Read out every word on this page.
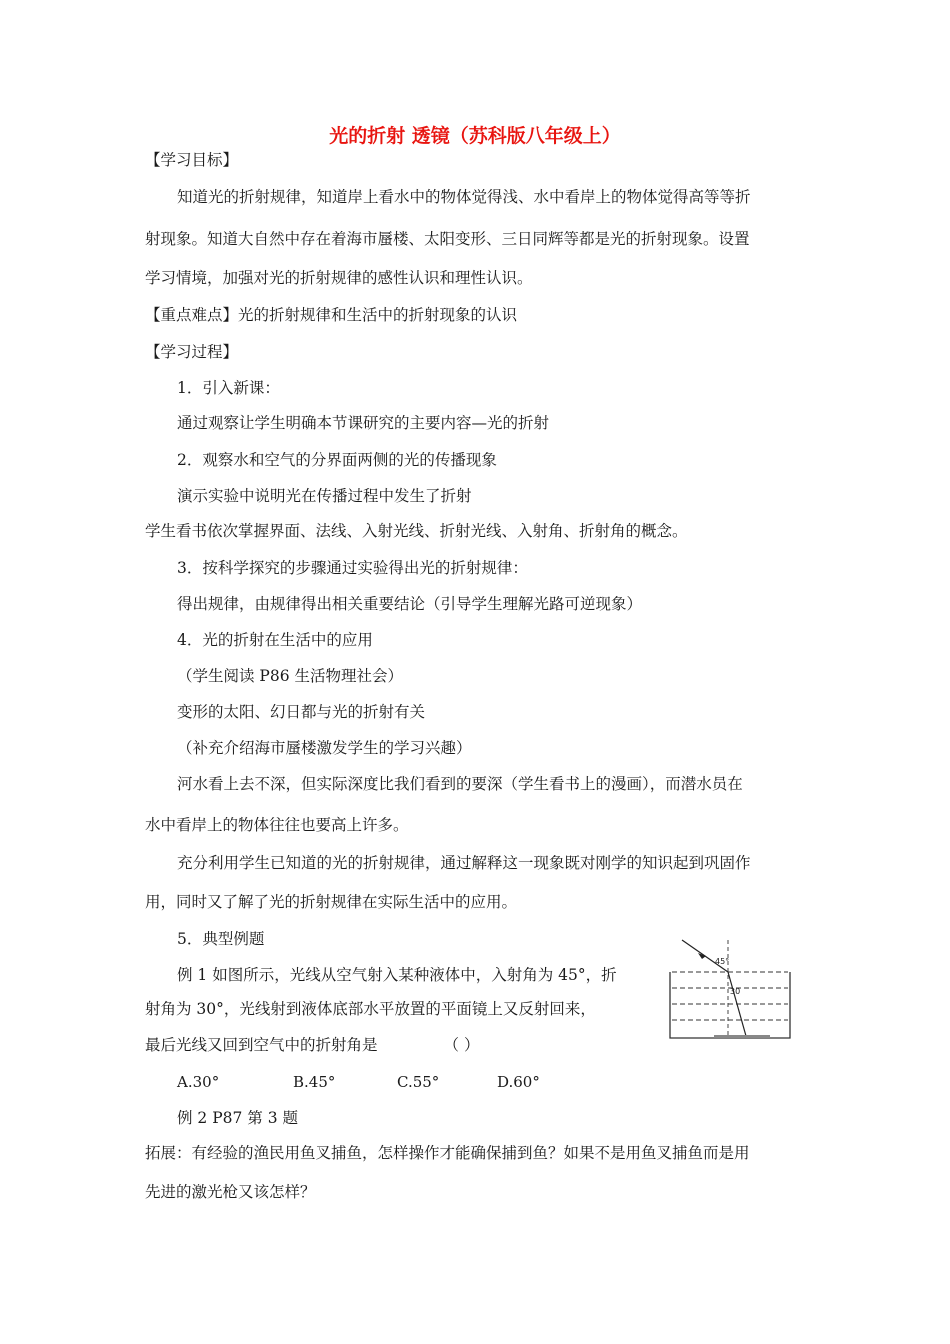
光的折射 透镜（苏科版八年级上）
【学习目标】
知道光的折射规律，知道岸上看水中的物体觉得浅、水中看岸上的物体觉得高等等折
射现象。知道大自然中存在着海市蜃楼、太阳变形、三日同辉等都是光的折射现象。设置
学习情境，加强对光的折射规律的感性认识和理性认识。
【重点难点】光的折射规律和生活中的折射现象的认识
【学习过程】
1．引入新课：
通过观察让学生明确本节课研究的主要内容—光的折射
2．观察水和空气的分界面两侧的光的传播现象
演示实验中说明光在传播过程中发生了折射
学生看书依次掌握界面、法线、入射光线、折射光线、入射角、折射角的概念。
3．按科学探究的步骤通过实验得出光的折射规律：
得出规律，由规律得出相关重要结论（引导学生理解光路可逆现象）
4．光的折射在生活中的应用
（学生阅读 P86 生活物理社会）
变形的太阳、幻日都与光的折射有关
（补充介绍海市蜃楼激发学生的学习兴趣）
河水看上去不深，但实际深度比我们看到的要深（学生看书上的漫画），而潜水员在
水中看岸上的物体往往也要高上许多。
充分利用学生已知道的光的折射规律，通过解释这一现象既对刚学的知识起到巩固作
用，同时又了解了光的折射规律在实际生活中的应用。
5．典型例题
例 1 如图所示，光线从空气射入某种液体中，入射角为 45°，折
射角为 30°，光线射到液体底部水平放置的平面镜上又反射回来，
最后光线又回到空气中的折射角是	（ ）
A.30°	B.45°	C.55°	D.60°
例 2 P87 第 3 题
拓展：有经验的渔民用鱼叉捕鱼，怎样操作才能确保捕到鱼？如果不是用鱼叉捕鱼而是用
先进的激光枪又该怎样？
45°
30
